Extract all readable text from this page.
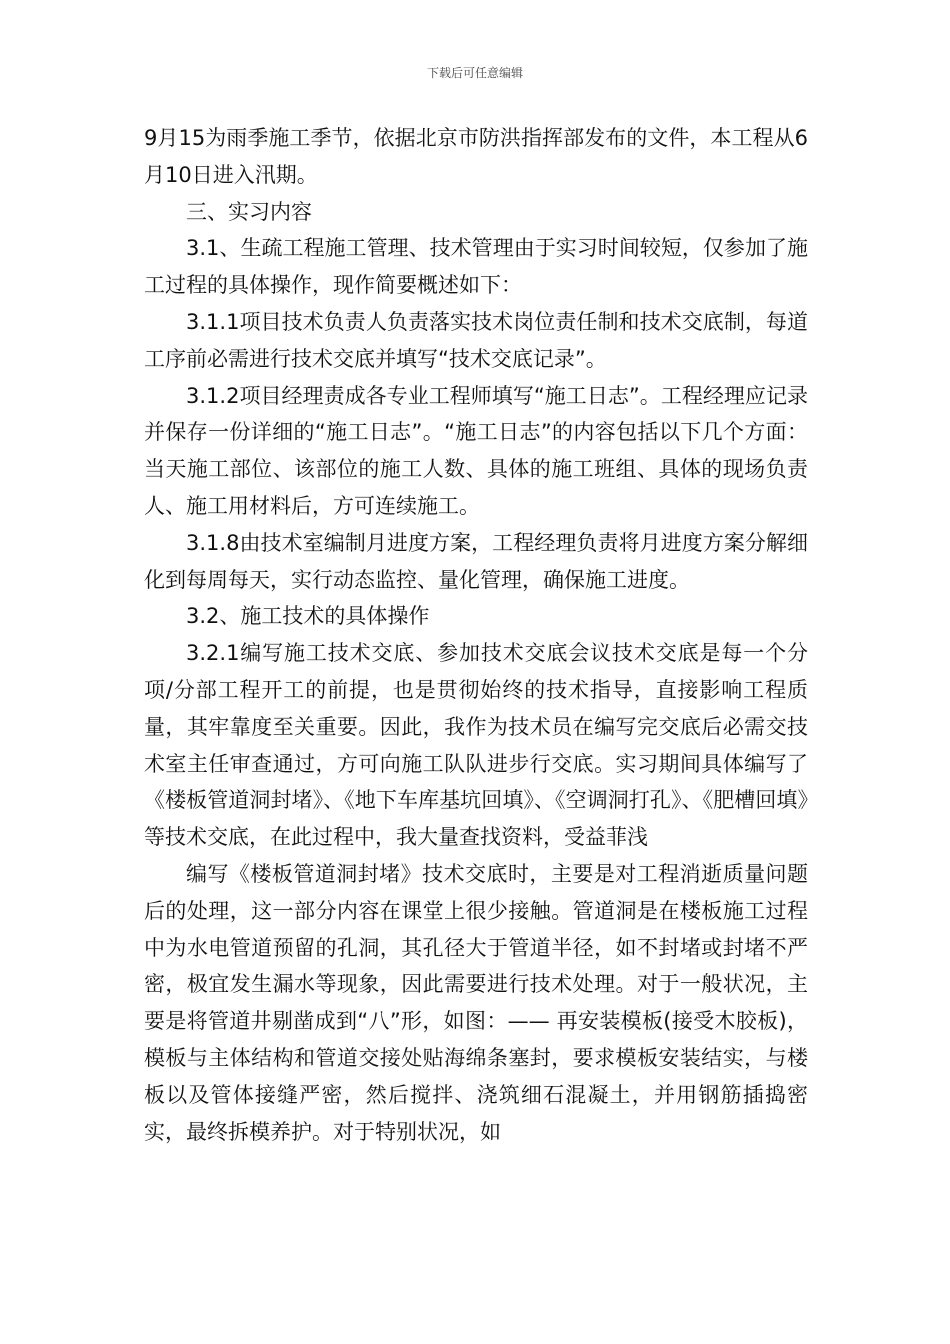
下载后可任意编辑

9月15为雨季施工季节，依据北京市防洪指挥部发布的文件，本工程从6月10日进入汛期。

三、实习内容

3.1、生疏工程施工管理、技术管理由于实习时间较短，仅参加了施工过程的具体操作，现作简要概述如下：

3.1.1项目技术负责人负责落实技术岗位责任制和技术交底制，每道工序前必需进行技术交底并填写“技术交底记录”。

3.1.2项目经理责成各专业工程师填写“施工日志”。工程经理应记录并保存一份详细的“施工日志”。“施工日志”的内容包括以下几个方面：当天施工部位、该部位的施工人数、具体的施工班组、具体的现场负责人、施工用材料后，方可连续施工。

3.1.8由技术室编制月进度方案，工程经理负责将月进度方案分解细化到每周每天，实行动态监控、量化管理，确保施工进度。

3.2、施工技术的具体操作

3.2.1编写施工技术交底、参加技术交底会议技术交底是每一个分项/分部工程开工的前提，也是贯彻始终的技术指导，直接影响工程质量，其牢靠度至关重要。因此，我作为技术员在编写完交底后必需交技术室主任审查通过，方可向施工队队进步行交底。实习期间具体编写了《楼板管道洞封堵》、《地下车库基坑回填》、《空调洞打孔》、《肥槽回填》等技术交底，在此过程中，我大量查找资料，受益菲浅

编写《楼板管道洞封堵》技术交底时，主要是对工程消逝质量问题后的处理，这一部分内容在课堂上很少接触。管道洞是在楼板施工过程中为水电管道预留的孔洞，其孔径大于管道半径，如不封堵或封堵不严密，极宜发生漏水等现象，因此需要进行技术处理。对于一般状况，主要是将管道井剔凿成到“八”形，如图：—— 再安装模板(接受木胶板)，模板与主体结构和管道交接处贴海绵条塞封，要求模板安装结实，与楼板以及管体接缝严密，然后搅拌、浇筑细石混凝土，并用钢筋插捣密实，最终拆模养护。对于特别状况，如
